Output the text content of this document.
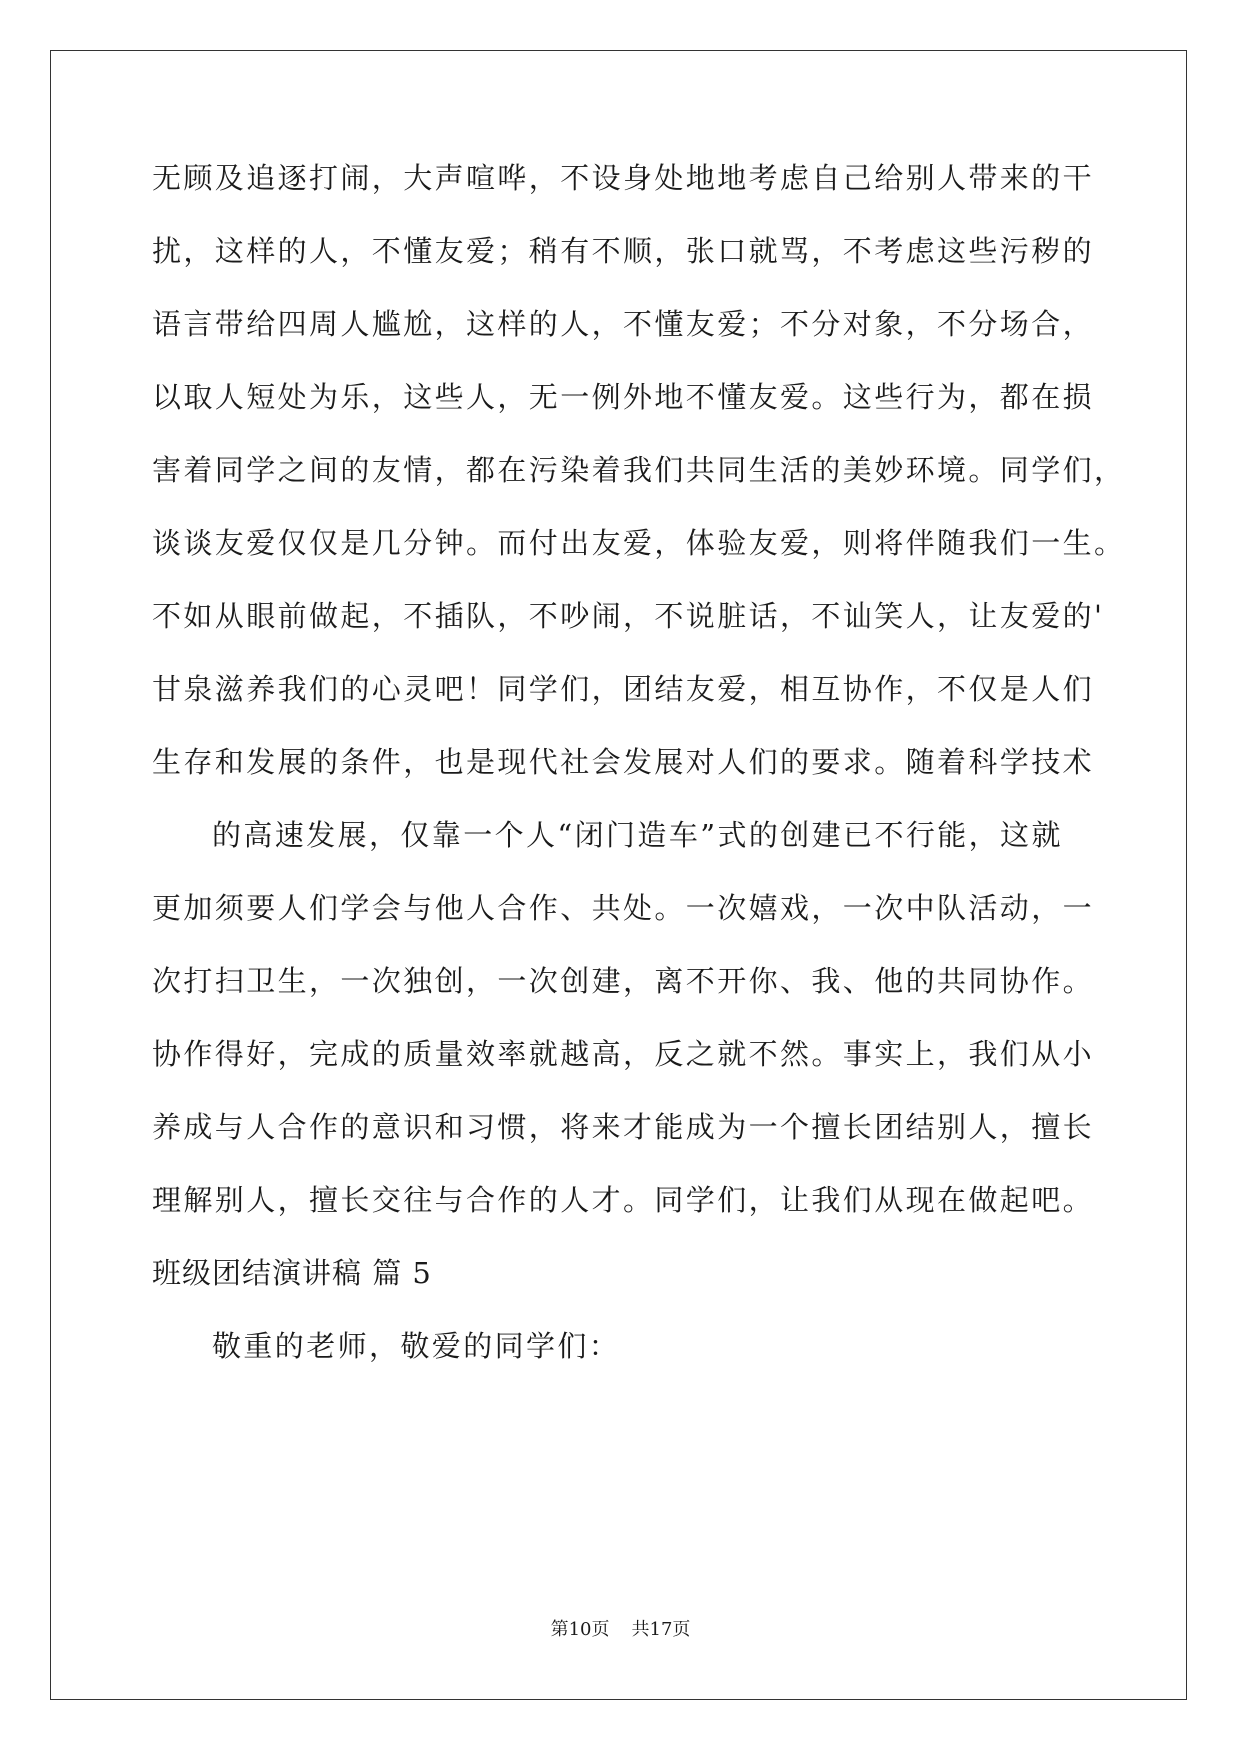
无顾及追逐打闹，大声喧哗，不设身处地地考虑自己给别人带来的干
扰，这样的人，不懂友爱；稍有不顺，张口就骂，不考虑这些污秽的
语言带给四周人尴尬，这样的人，不懂友爱；不分对象，不分场合，
以取人短处为乐，这些人，无一例外地不懂友爱。这些行为，都在损
害着同学之间的友情，都在污染着我们共同生活的美妙环境。同学们，
谈谈友爱仅仅是几分钟。而付出友爱，体验友爱，则将伴随我们一生。
不如从眼前做起，不插队，不吵闹，不说脏话，不讪笑人，让友爱的'
甘泉滋养我们的心灵吧！同学们，团结友爱，相互协作，不仅是人们
生存和发展的条件，也是现代社会发展对人们的要求。随着科学技术
的高速发展，仅靠一个人“闭门造车”式的创建已不行能，这就
更加须要人们学会与他人合作、共处。一次嬉戏，一次中队活动，一
次打扫卫生，一次独创，一次创建，离不开你、我、他的共同协作。
协作得好，完成的质量效率就越高，反之就不然。事实上，我们从小
养成与人合作的意识和习惯，将来才能成为一个擅长团结别人，擅长
理解别人，擅长交往与合作的人才。同学们，让我们从现在做起吧。
班级团结演讲稿 篇 5
敬重的老师，敬爱的同学们：
第10页 共17页
